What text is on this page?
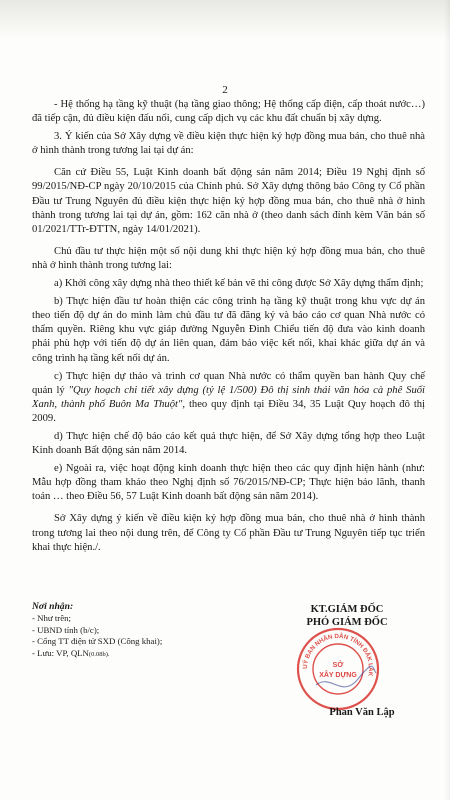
2

- Hệ thống hạ tầng kỹ thuật (hạ tầng giao thông; Hệ thống cấp điện, cấp thoát nước…) đã tiếp cận, đủ điều kiện đấu nối, cung cấp dịch vụ các khu đất chuẩn bị xây dựng.

3. Ý kiến của Sở Xây dựng về điều kiện thực hiện ký hợp đồng mua bán, cho thuê nhà ở hình thành trong tương lai tại dự án:

Căn cứ Điều 55, Luật Kinh doanh bất động sản năm 2014; Điều 19 Nghị định số 99/2015/NĐ-CP ngày 20/10/2015 của Chính phủ. Sở Xây dựng thông báo Công ty Cổ phần Đầu tư Trung Nguyên đủ điều kiện thực hiện ký hợp đồng mua bán, cho thuê nhà ở hình thành trong tương lai tại dự án, gồm: 162 căn nhà ở (theo danh sách đính kèm Văn bản số 01/2021/TTr-ĐTTN, ngày 14/01/2021).

Chủ đầu tư thực hiện một số nội dung khi thực hiện ký hợp đồng mua bán, cho thuê nhà ở hình thành trong tương lai:

a) Khởi công xây dựng nhà theo thiết kế bản vẽ thi công được Sở Xây dựng thẩm định;

b) Thực hiện đầu tư hoàn thiện các công trình hạ tầng kỹ thuật trong khu vực dự án theo tiến độ dự án do mình làm chủ đầu tư đã đăng ký và báo cáo cơ quan Nhà nước có thẩm quyền. Riêng khu vực giáp đường Nguyễn Đình Chiểu tiến độ đưa vào kinh doanh phải phù hợp với tiến độ dự án liên quan, đảm bảo việc kết nối, khai khác giữa dự án và công trình hạ tầng kết nối dự án.

c) Thực hiện dự thảo và trình cơ quan Nhà nước có thẩm quyền ban hành Quy chế quản lý "Quy hoạch chi tiết xây dựng (tỷ lệ 1/500) Đô thị sinh thái văn hóa cà phê Suối Xanh, thành phố Buôn Ma Thuột", theo quy định tại Điều 34, 35 Luật Quy hoạch đô thị 2009.

d) Thực hiện chế độ báo cáo kết quả thực hiện, để Sở Xây dựng tổng hợp theo Luật Kinh doanh Bất động sản năm 2014.

e) Ngoài ra, việc hoạt động kinh doanh thực hiện theo các quy định hiện hành (như: Mẫu hợp đồng tham khảo theo Nghị định số 76/2015/NĐ-CP; Thực hiện bảo lãnh, thanh toán … theo Điều 56, 57 Luật Kinh doanh bất động sản năm 2014).

Sở Xây dựng ý kiến về điều kiện ký hợp đồng mua bán, cho thuê nhà ở hình thành trong tương lai theo nội dung trên, để Công ty Cổ phần Đầu tư Trung Nguyên tiếp tục triển khai thực hiện./.

Nơi nhận:
- Như trên;
- UBND tỉnh (b/c);
- Cổng TT điện tử SXD (Công khai);
- Lưu: VP, QLN(0.08b).
KT.GIÁM ĐỐC
PHÓ GIÁM ĐỐC
UỶ BAN NHÂN DÂN TỈNH ĐẮK LẮK
SỞ
XÂY DỰNG
Phan Văn Lập
